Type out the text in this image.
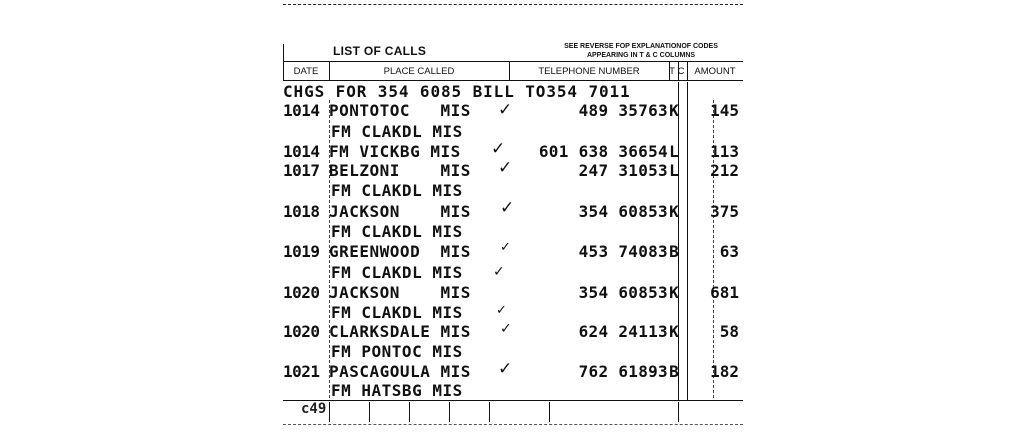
LIST OF CALLS	SEE REVERSE FOP EXPLANATIONOF CODES
APPEARING IN T & C COLUMNS
DATE	PLACE CALLED	TELEPHONE NUMBER	T C	AMOUNT
CHGS FOR 354 6085 BILL TO354 7011
1014 PONTOTOC   MIS	489 35763 K	145
✓
FM CLAKDL MIS
1014 FM VICKBG MIS	601 638 36654 L	113
✓
1017 BELZONI    MIS	247 31053 L	212
✓
FM CLAKDL MIS
1018 JACKSON    MIS	354 60853 K	375
✓
FM CLAKDL MIS
1019 GREENWOOD  MIS	453 74083 B	63
✓
FM CLAKDL MIS ✓
1020 JACKSON    MIS	354 60853 K	681
FM CLAKDL MIS	✓
1020 CLARKSDALE MIS	624 24113 K	58
✓
FM PONTOC MIS
1021 PASCAGOULA MIS	762 61893 B	182
✓
FM HATSBG MIS
c49
